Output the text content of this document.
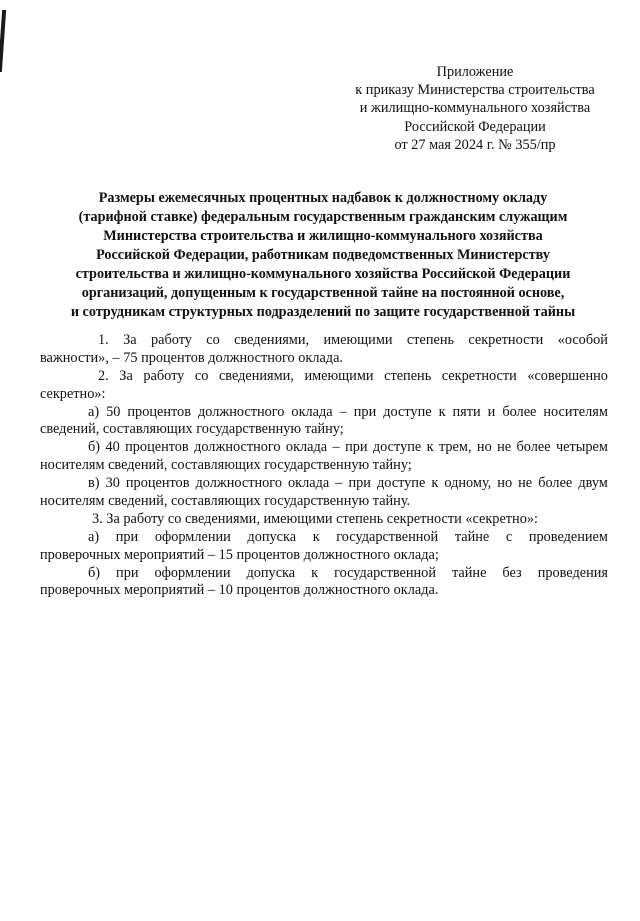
Приложение
к приказу Министерства строительства
и жилищно-коммунального хозяйства
Российской Федерации
от 27 мая 2024 г. № 355/пр
Размеры ежемесячных процентных надбавок к должностному окладу
(тарифной ставке) федеральным государственным гражданским служащим
Министерства строительства и жилищно-коммунального хозяйства
Российской Федерации, работникам подведомственных Министерству
строительства и жилищно-коммунального хозяйства Российской Федерации
организаций, допущенным к государственной тайне на постоянной основе,
и сотрудникам структурных подразделений по защите государственной тайны
1. За работу со сведениями, имеющими степень секретности «особой
важности», – 75 процентов должностного оклада.
2. За работу со сведениями, имеющими степень секретности «совершенно
секретно»:
а) 50 процентов должностного оклада – при доступе к пяти и более носителям
сведений, составляющих государственную тайну;
б) 40 процентов должностного оклада – при доступе к трем, но не более четырем
носителям сведений, составляющих государственную тайну;
в) 30 процентов должностного оклада – при доступе к одному, но не более двум
носителям сведений, составляющих государственную тайну.
3. За работу со сведениями, имеющими степень секретности «секретно»:
а) при оформлении допуска к государственной тайне с проведением
проверочных мероприятий – 15 процентов должностного оклада;
б) при оформлении допуска к государственной тайне без проведения
проверочных мероприятий – 10 процентов должностного оклада.
